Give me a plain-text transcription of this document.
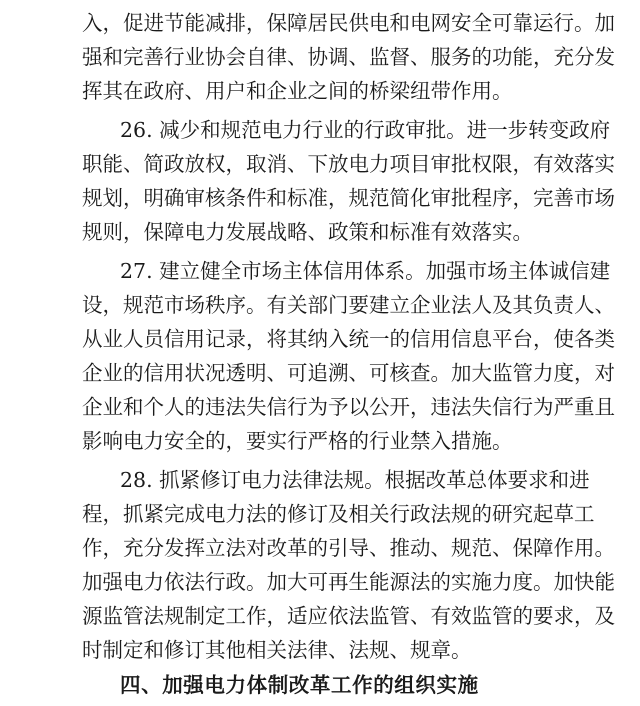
入，促进节能减排，保障居民供电和电网安全可靠运行。加
强和完善行业协会自律、协调、监督、服务的功能，充分发
挥其在政府、用户和企业之间的桥梁纽带作用。
26. 减少和规范电力行业的行政审批。进一步转变政府
职能、简政放权，取消、下放电力项目审批权限，有效落实
规划，明确审核条件和标准，规范简化审批程序，完善市场
规则，保障电力发展战略、政策和标准有效落实。
27. 建立健全市场主体信用体系。加强市场主体诚信建
设，规范市场秩序。有关部门要建立企业法人及其负责人、
从业人员信用记录，将其纳入统一的信用信息平台，使各类
企业的信用状况透明、可追溯、可核查。加大监管力度，对
企业和个人的违法失信行为予以公开，违法失信行为严重且
影响电力安全的，要实行严格的行业禁入措施。
28. 抓紧修订电力法律法规。根据改革总体要求和进
程，抓紧完成电力法的修订及相关行政法规的研究起草工
作，充分发挥立法对改革的引导、推动、规范、保障作用。
加强电力依法行政。加大可再生能源法的实施力度。加快能
源监管法规制定工作，适应依法监管、有效监管的要求，及
时制定和修订其他相关法律、法规、规章。
四、加强电力体制改革工作的组织实施
